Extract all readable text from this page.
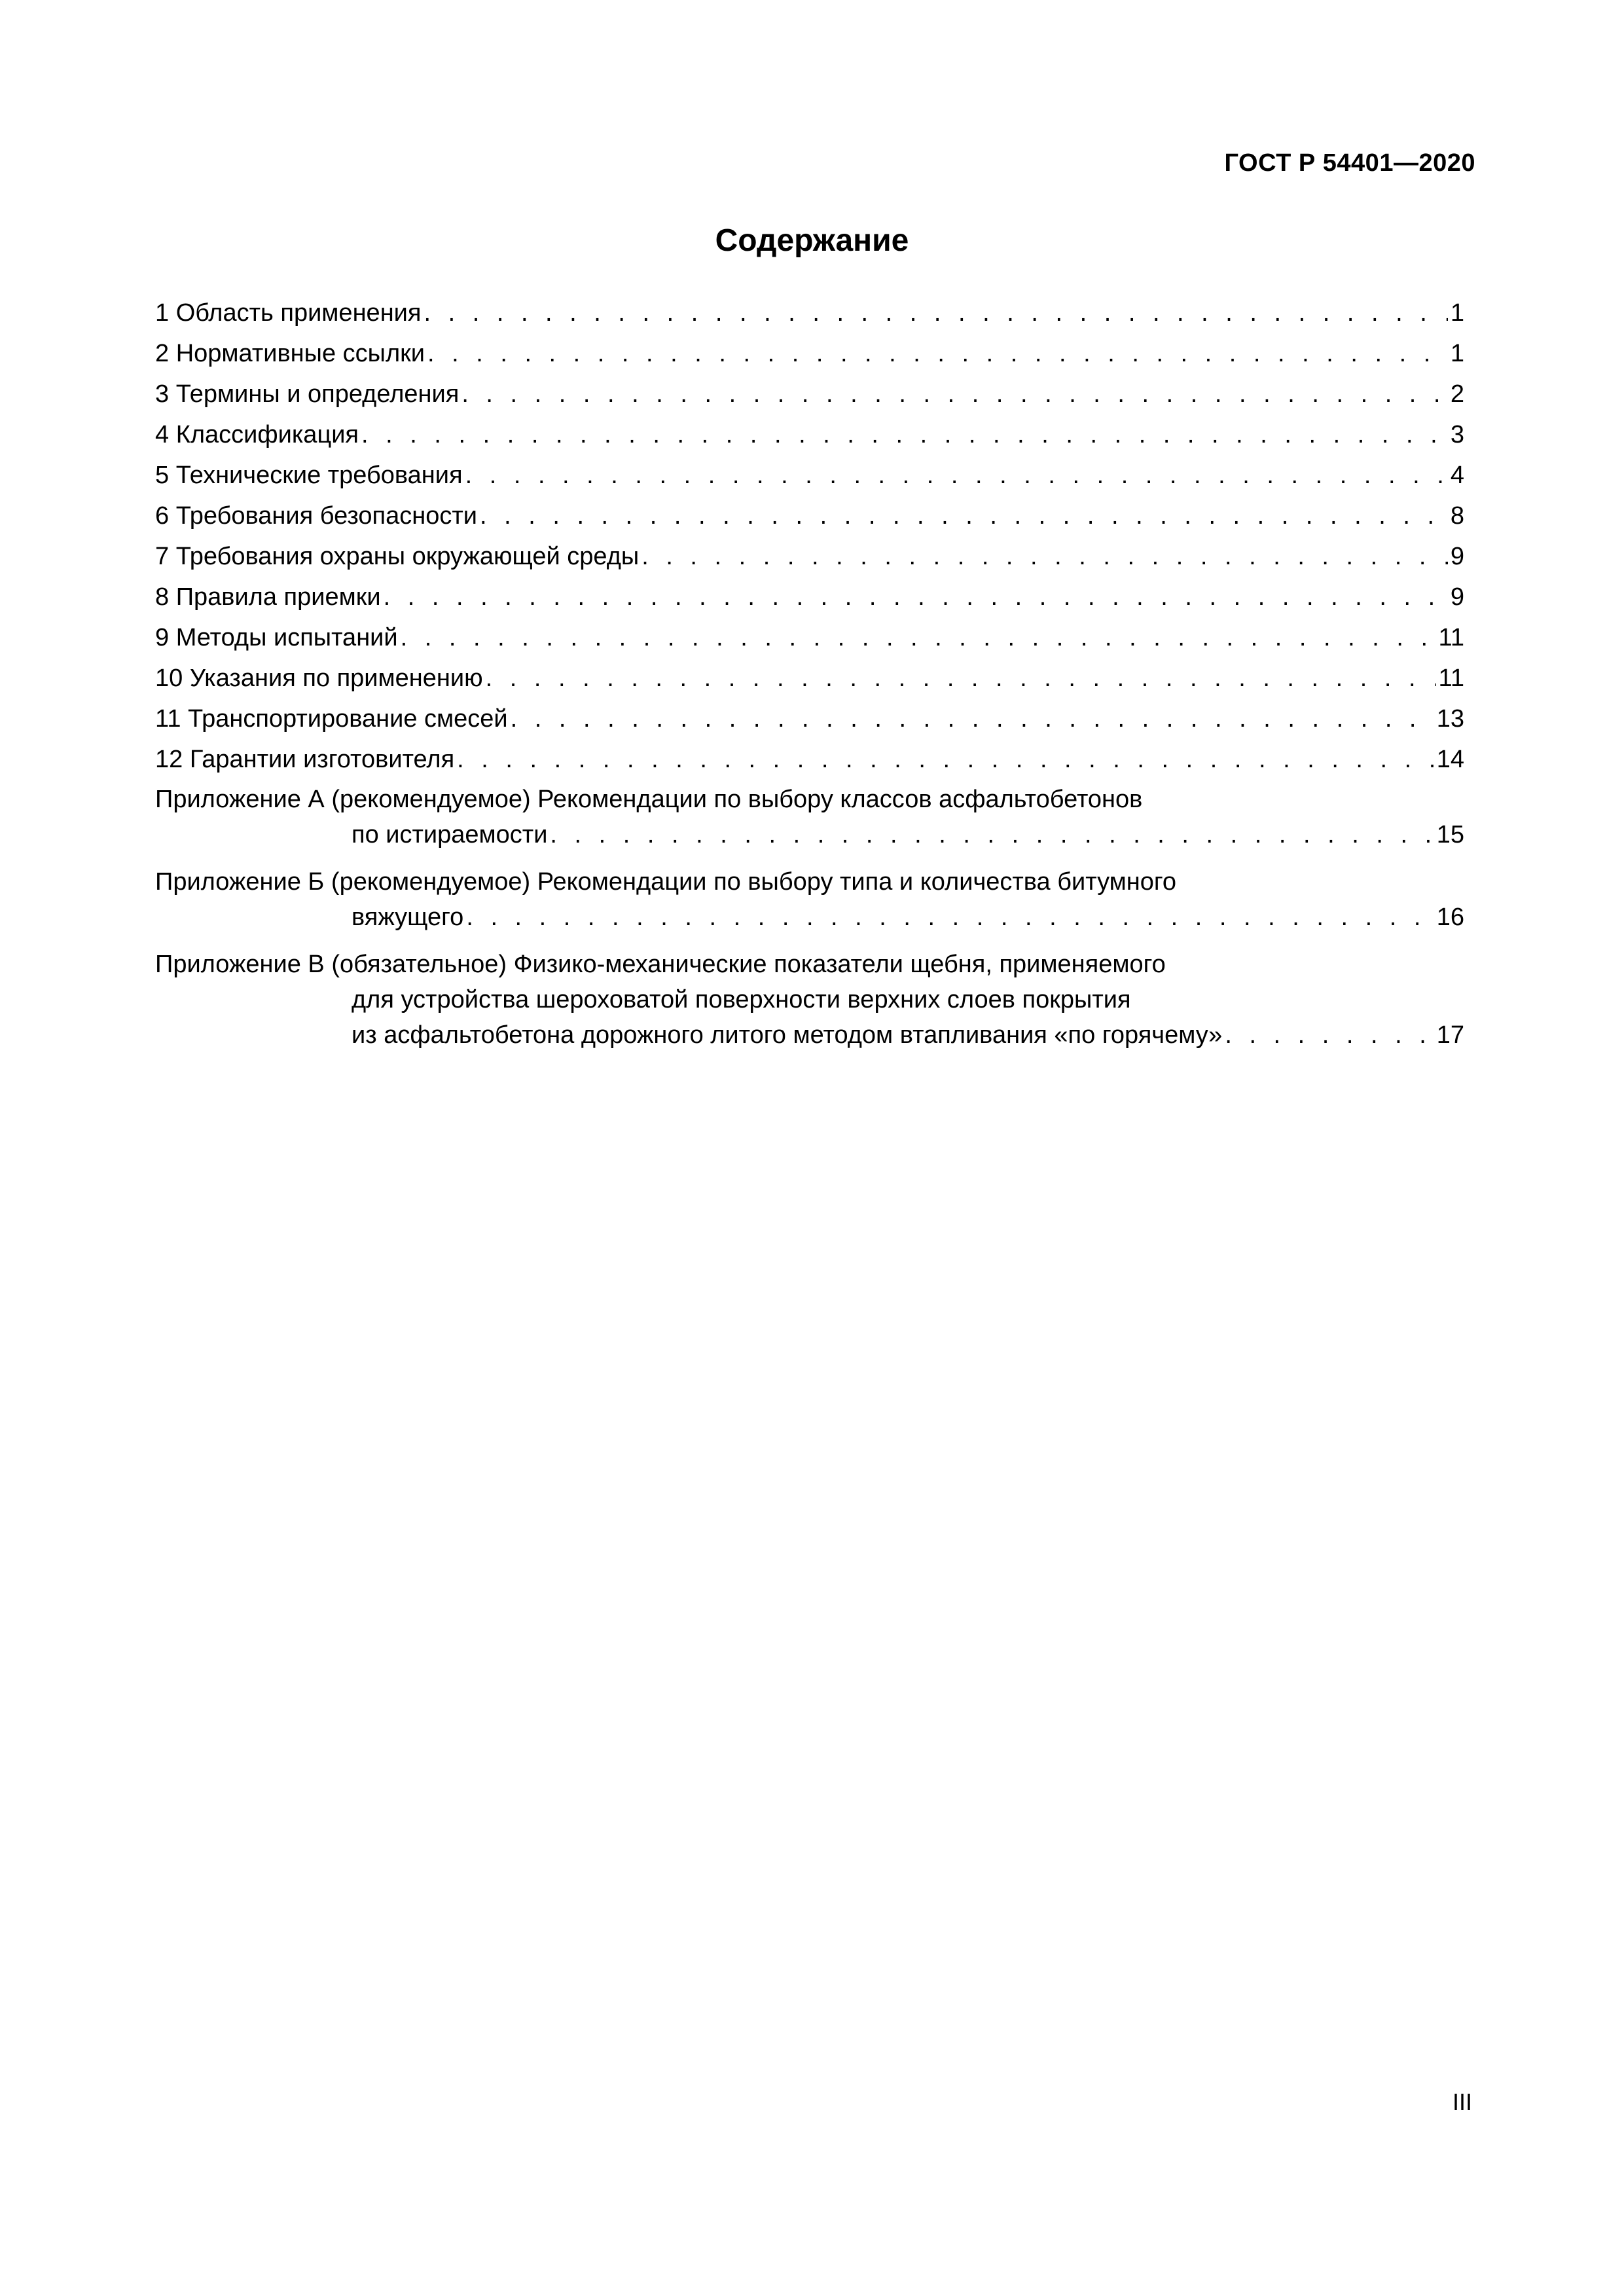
ГОСТ Р 54401—2020
Содержание
1 Область применения . . .	1
2 Нормативные ссылки . . .	1
3 Термины и определения . . .	2
4 Классификация . . .	3
5 Технические требования . . .	4
6 Требования безопасности . . .	8
7 Требования охраны окружающей среды . . .	9
8 Правила приемки . . .	9
9 Методы испытаний . . .	11
10 Указания по применению . . .	11
11 Транспортирование смесей . . .	13
12 Гарантии изготовителя . . .	14
Приложение А (рекомендуемое) Рекомендации по выбору классов асфальтобетонов
по истираемости . . .	15
Приложение Б (рекомендуемое) Рекомендации по выбору типа и количества битумного
вяжущего . . .	16
Приложение В (обязательное) Физико-механические показатели щебня, применяемого
для устройства шероховатой поверхности верхних слоев покрытия
из асфальтобетона дорожного литого методом втапливания «по горячему» . . .	17
III
